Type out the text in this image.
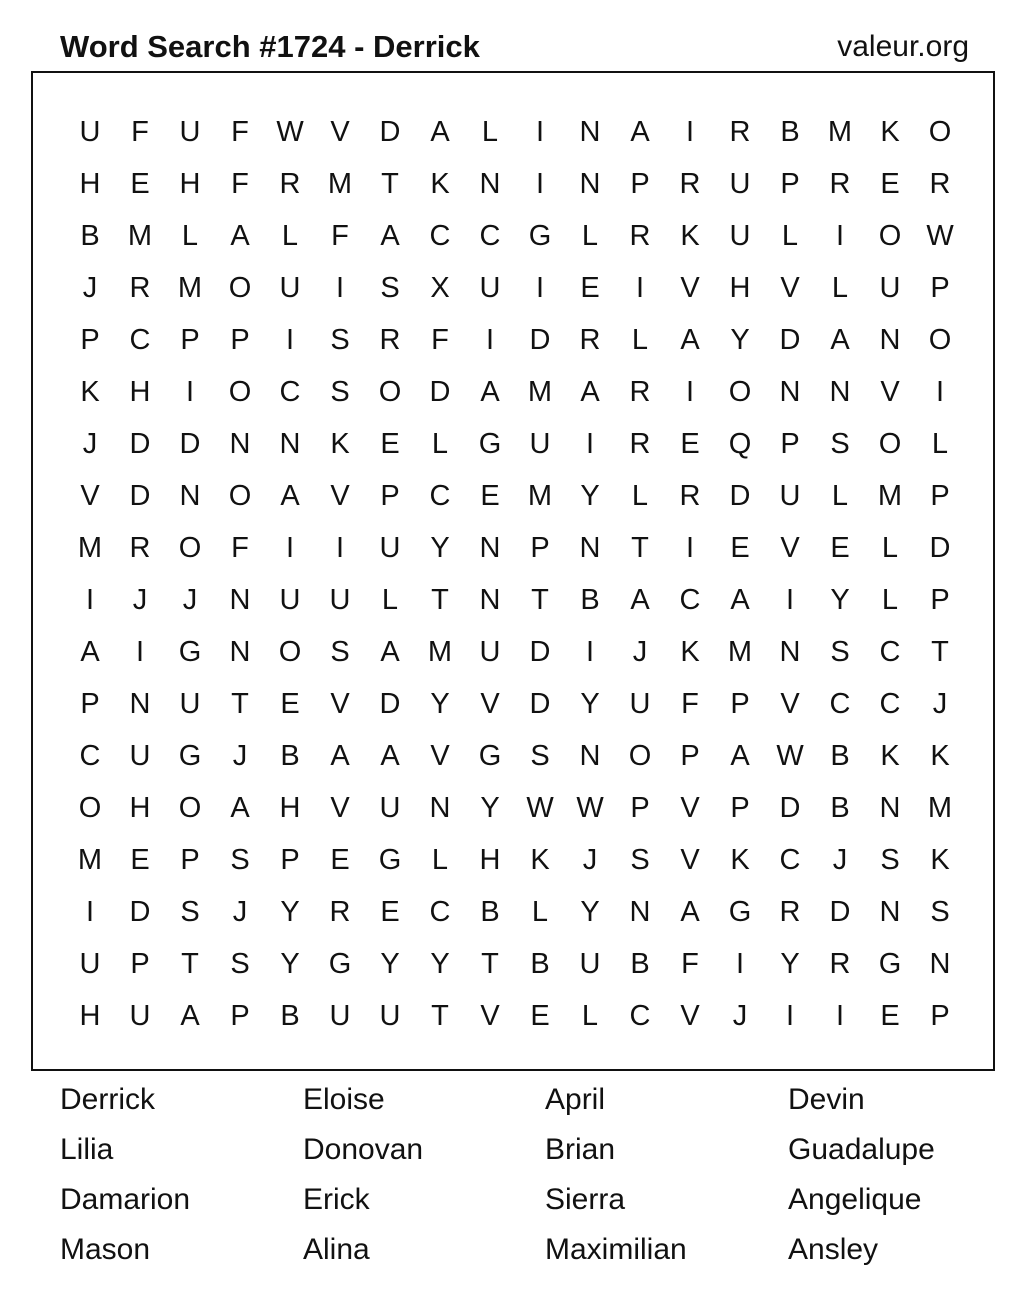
Word Search #1724 - Derrick	valeur.org
U	F	U	F W V	D	A	L	I	N	A	I	R	B M K	O
H	E	H	F	R M	T	K	N	I	N	P	R	U	P	R	E	R
B M	L	A	L	F	A	C	C G	L	R	K	U	L	I	O W
J	R M O U	I	S	X	U	I	E	I	V	H	V	L	U	P
P	C	P	P	I	S	R	F	I	D	R	L	A	Y	D	A	N O
K	H	I	O C	S	O D	A M A	R	I	O N	N	V	I
J	D	D	N	N	K	E	L	G U	I	R	E	Q	P	S	O	L
V	D	N O	A	V	P	C	E M Y	L	R	D	U	L	M P
M R O	F	I	I	U	Y	N	P	N	T	I	E	V	E	L	D
I	J	J	N	U	U	L	T	N	T	B	A	C	A	I	Y	L	P
A	I	G N O	S	A M U	D	I	J	K M N	S	C	T
P	N	U	T	E	V	D	Y	V	D	Y	U	F	P	V	C	C	J
C	U G	J	B	A	A	V	G	S	N O	P	A W B	K	K
O H O	A	H	V	U	N	Y W W P	V	P	D	B	N M
M E	P	S	P	E	G	L	H	K	J	S	V	K	C	J	S	K
I	D	S	J	Y	R	E	C	B	L	Y	N	A	G R	D	N	S
U	P	T	S	Y	G	Y	Y	T	B	U	B	F	I	Y	R G N
H	U	A	P	B	U	U	T	V	E	L	C	V	J	I	I	E	P
Derrick	Eloise	April	Devin
Lilia	Donovan	Brian	Guadalupe
Damarion	Erick	Sierra	Angelique
Mason	Alina	Maximilian	Ansley
